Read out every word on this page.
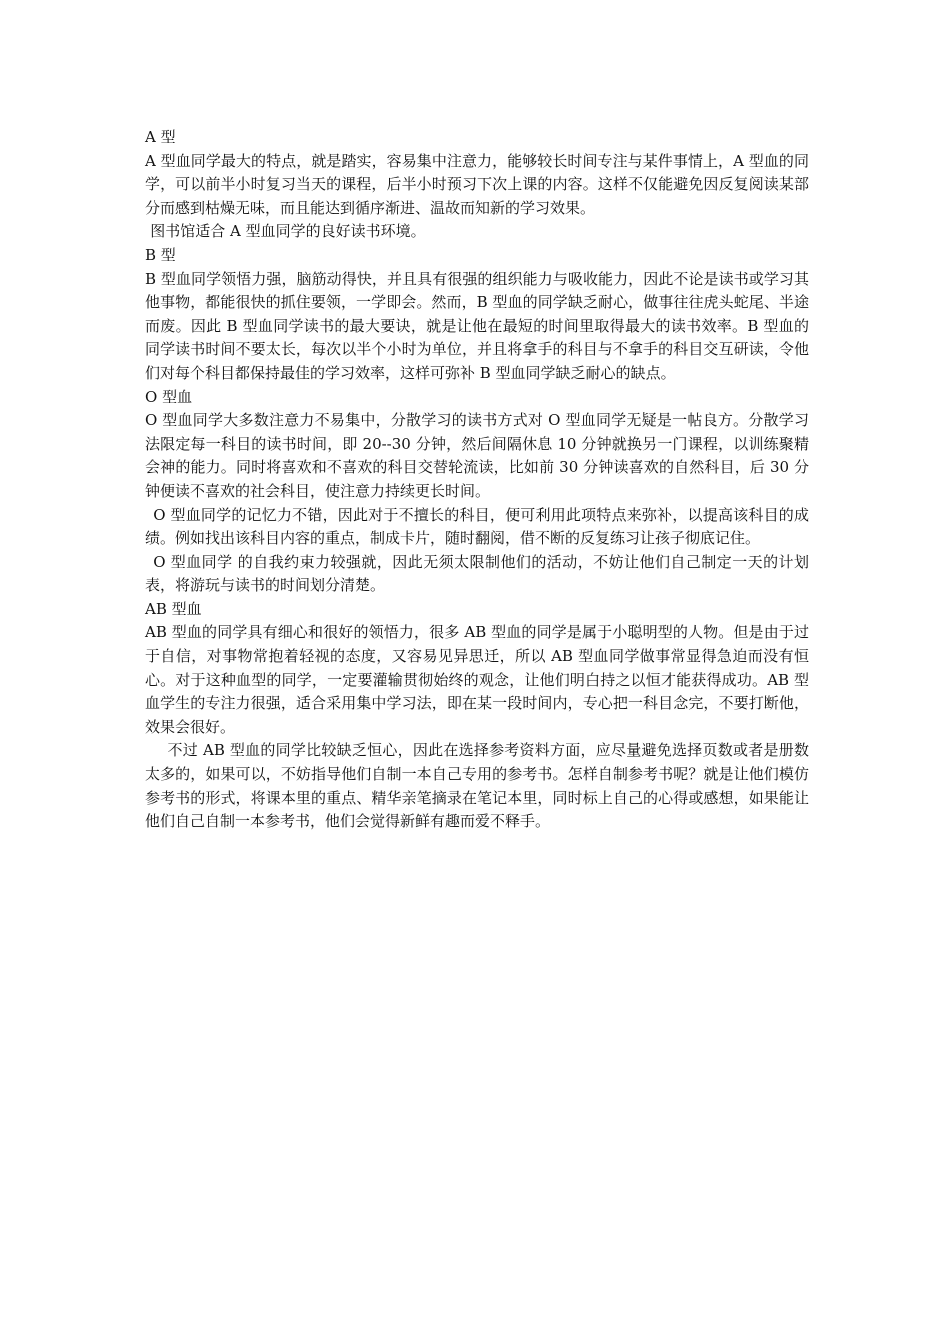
A 型

A 型血同学最大的特点，就是踏实，容易集中注意力，能够较长时间专注与某件事情上，A 型血的同学，可以前半小时复习当天的课程，后半小时预习下次上课的内容。这样不仅能避免因反复阅读某部分而感到枯燥无味，而且能达到循序渐进、温故而知新的学习效果。

图书馆适合 A 型血同学的良好读书环境。

B 型

B 型血同学领悟力强，脑筋动得快，并且具有很强的组织能力与吸收能力，因此不论是读书或学习其他事物，都能很快的抓住要领，一学即会。然而，B 型血的同学缺乏耐心，做事往往虎头蛇尾、半途而废。因此 B 型血同学读书的最大要诀，就是让他在最短的时间里取得最大的读书效率。B 型血的同学读书时间不要太长，每次以半个小时为单位，并且将拿手的科目与不拿手的科目交互研读，令他们对每个科目都保持最佳的学习效率，这样可弥补 B 型血同学缺乏耐心的缺点。

O 型血

O 型血同学大多数注意力不易集中，分散学习的读书方式对 O 型血同学无疑是一帖良方。分散学习法限定每一科目的读书时间，即 20--30 分钟，然后间隔休息 10 分钟就换另一门课程，以训练聚精会神的能力。同时将喜欢和不喜欢的科目交替轮流读，比如前 30 分钟读喜欢的自然科目，后 30 分钟便读不喜欢的社会科目，使注意力持续更长时间。

O 型血同学的记忆力不错，因此对于不擅长的科目，便可利用此项特点来弥补，以提高该科目的成绩。例如找出该科目内容的重点，制成卡片，随时翻阅，借不断的反复练习让孩子彻底记住。

O 型血同学 的自我约束力较强就，因此无须太限制他们的活动，不妨让他们自己制定一天的计划表，将游玩与读书的时间划分清楚。

AB 型血

AB 型血的同学具有细心和很好的领悟力，很多 AB 型血的同学是属于小聪明型的人物。但是由于过于自信，对事物常抱着轻视的态度，又容易见异思迁，所以 AB 型血同学做事常显得急迫而没有恒心。对于这种血型的同学，一定要灌输贯彻始终的观念，让他们明白持之以恒才能获得成功。AB 型血学生的专注力很强，适合采用集中学习法，即在某一段时间内，专心把一科目念完，不要打断他，效果会很好。

不过 AB 型血的同学比较缺乏恒心，因此在选择参考资料方面，应尽量避免选择页数或者是册数太多的，如果可以，不妨指导他们自制一本自己专用的参考书。怎样自制参考书呢？就是让他们模仿参考书的形式，将课本里的重点、精华亲笔摘录在笔记本里，同时标上自己的心得或感想，如果能让他们自己自制一本参考书，他们会觉得新鲜有趣而爱不释手。
